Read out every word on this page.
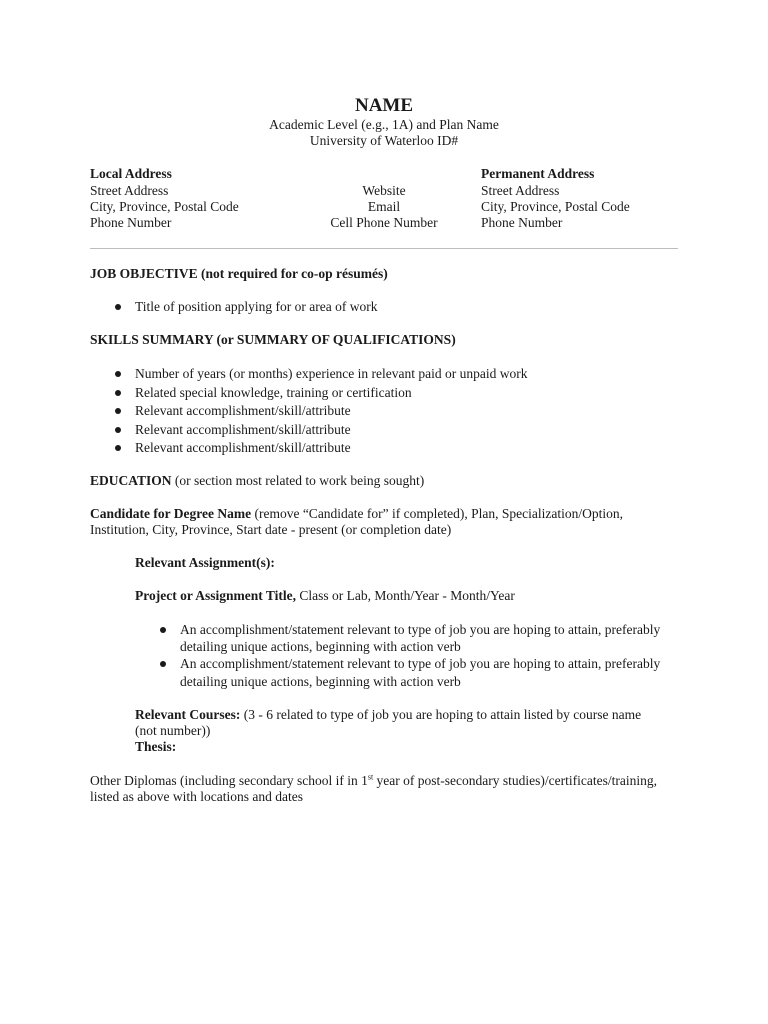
NAME
Academic Level (e.g., 1A) and Plan Name
University of Waterloo ID#
Local Address
Street Address
City, Province, Postal Code
Phone Number
Website
Email
Cell Phone Number
Permanent Address
Street Address
City, Province, Postal Code
Phone Number
JOB OBJECTIVE (not required for co-op résumés)
Title of position applying for or area of work
SKILLS SUMMARY (or SUMMARY OF QUALIFICATIONS)
Number of years (or months) experience in relevant paid or unpaid work
Related special knowledge, training or certification
Relevant accomplishment/skill/attribute
Relevant accomplishment/skill/attribute
Relevant accomplishment/skill/attribute
EDUCATION (or section most related to work being sought)
Candidate for Degree Name (remove “Candidate for” if completed), Plan, Specialization/Option,
Institution, City, Province, Start date - present (or completion date)
Relevant Assignment(s):
Project or Assignment Title, Class or Lab, Month/Year - Month/Year
An accomplishment/statement relevant to type of job you are hoping to attain, preferably
detailing unique actions, beginning with action verb
An accomplishment/statement relevant to type of job you are hoping to attain, preferably
detailing unique actions, beginning with action verb
Relevant Courses: (3 - 6 related to type of job you are hoping to attain listed by course name
(not number))
Thesis:
Other Diplomas (including secondary school if in 1st year of post-secondary studies)/certificates/training,
listed as above with locations and dates
